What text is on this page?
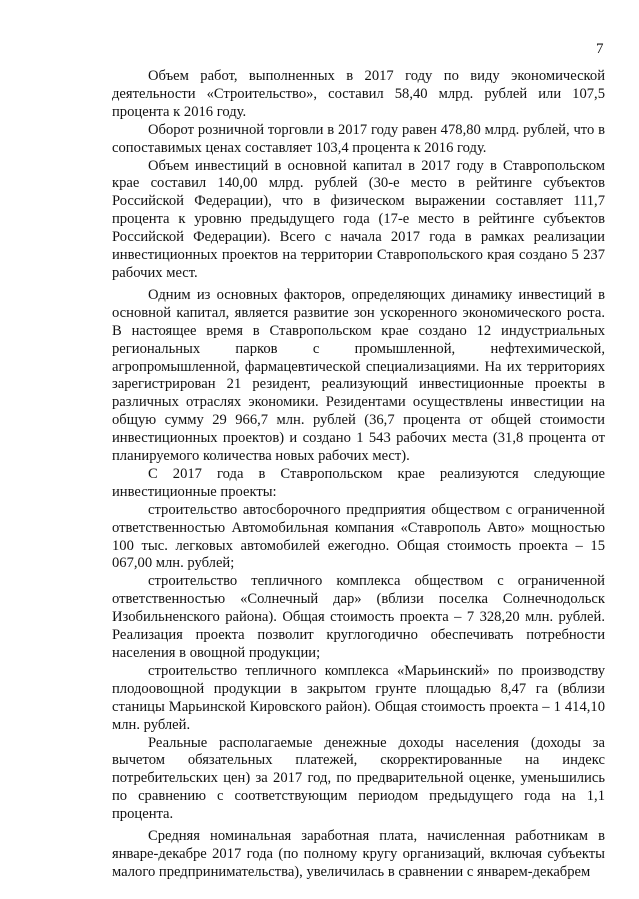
7

Объем работ, выполненных в 2017 году по виду экономической деятельности «Строительство», составил 58,40 млрд. рублей или 107,5 процента к 2016 году.

Оборот розничной торговли в 2017 году равен 478,80 млрд. рублей, что в сопоставимых ценах составляет 103,4 процента к 2016 году.

Объем инвестиций в основной капитал в 2017 году в Ставропольском крае составил 140,00 млрд. рублей (30-е место в рейтинге субъектов Российской Федерации), что в физическом выражении составляет 111,7 процента к уровню предыдущего года (17-е место в рейтинге субъектов Российской Федерации). Всего с начала 2017 года в рамках реализации инвестиционных проектов на территории Ставропольского края создано 5 237 рабочих мест.

Одним из основных факторов, определяющих динамику инвестиций в основной капитал, является развитие зон ускоренного экономического роста. В настоящее время в Ставропольском крае создано 12 индустриальных региональных парков с промышленной, нефтехимической, агропромышленной, фармацевтической специализациями. На их территориях зарегистрирован 21 резидент, реализующий инвестиционные проекты в различных отраслях экономики. Резидентами осуществлены инвестиции на общую сумму 29 966,7 млн. рублей (36,7 процента от общей стоимости инвестиционных проектов) и создано 1 543 рабочих места (31,8 процента от планируемого количества новых рабочих мест).

С 2017 года в Ставропольском крае реализуются следующие инвестиционные проекты:

строительство автосборочного предприятия обществом с ограниченной ответственностью Автомобильная компания «Ставрополь Авто» мощностью 100 тыс. легковых автомобилей ежегодно. Общая стоимость проекта – 15 067,00 млн. рублей;

строительство тепличного комплекса обществом с ограниченной ответственностью «Солнечный дар» (вблизи поселка Солнечнодольск Изобильненского района). Общая стоимость проекта – 7 328,20 млн. рублей. Реализация проекта позволит круглогодично обеспечивать потребности населения в овощной продукции;

строительство тепличного комплекса «Марьинский» по производству плодоовощной продукции в закрытом грунте площадью 8,47 га (вблизи станицы Марьинской Кировского район). Общая стоимость проекта – 1 414,10 млн. рублей.

Реальные располагаемые денежные доходы населения (доходы за вычетом обязательных платежей, скорректированные на индекс потребительских цен) за 2017 год, по предварительной оценке, уменьшились по сравнению с соответствующим периодом предыдущего года на 1,1 процента.

Средняя номинальная заработная плата, начисленная работникам в январе-декабре 2017 года (по полному кругу организаций, включая субъекты малого предпринимательства), увеличилась в сравнении с январем-декабрем
